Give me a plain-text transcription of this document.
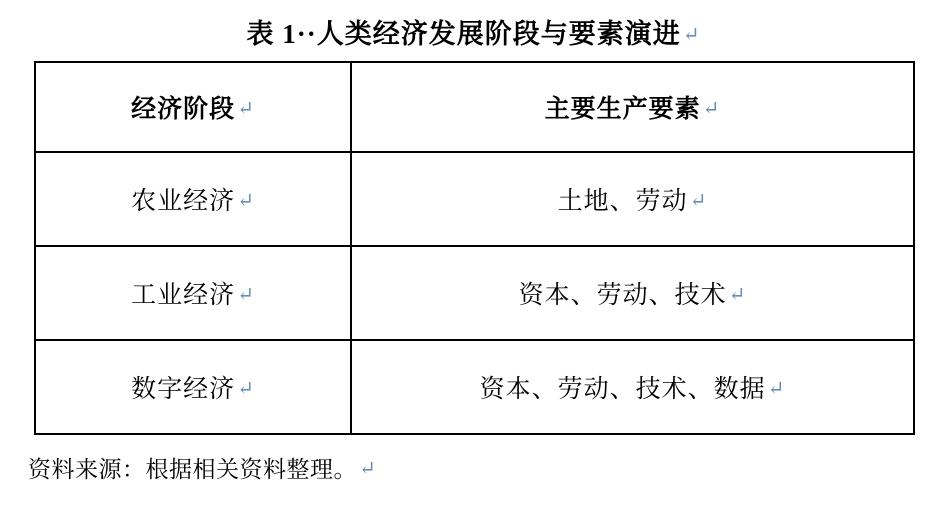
表 1··人类经济发展阶段与要素演进 ↵
经济阶段 ↵	主要生产要素 ↵
农业经济 ↵	土地、劳动 ↵
工业经济 ↵	资本、劳动、技术 ↵
数字经济 ↵	资本、劳动、技术、数据 ↵
资料来源：根据相关资料整理。 ↵
